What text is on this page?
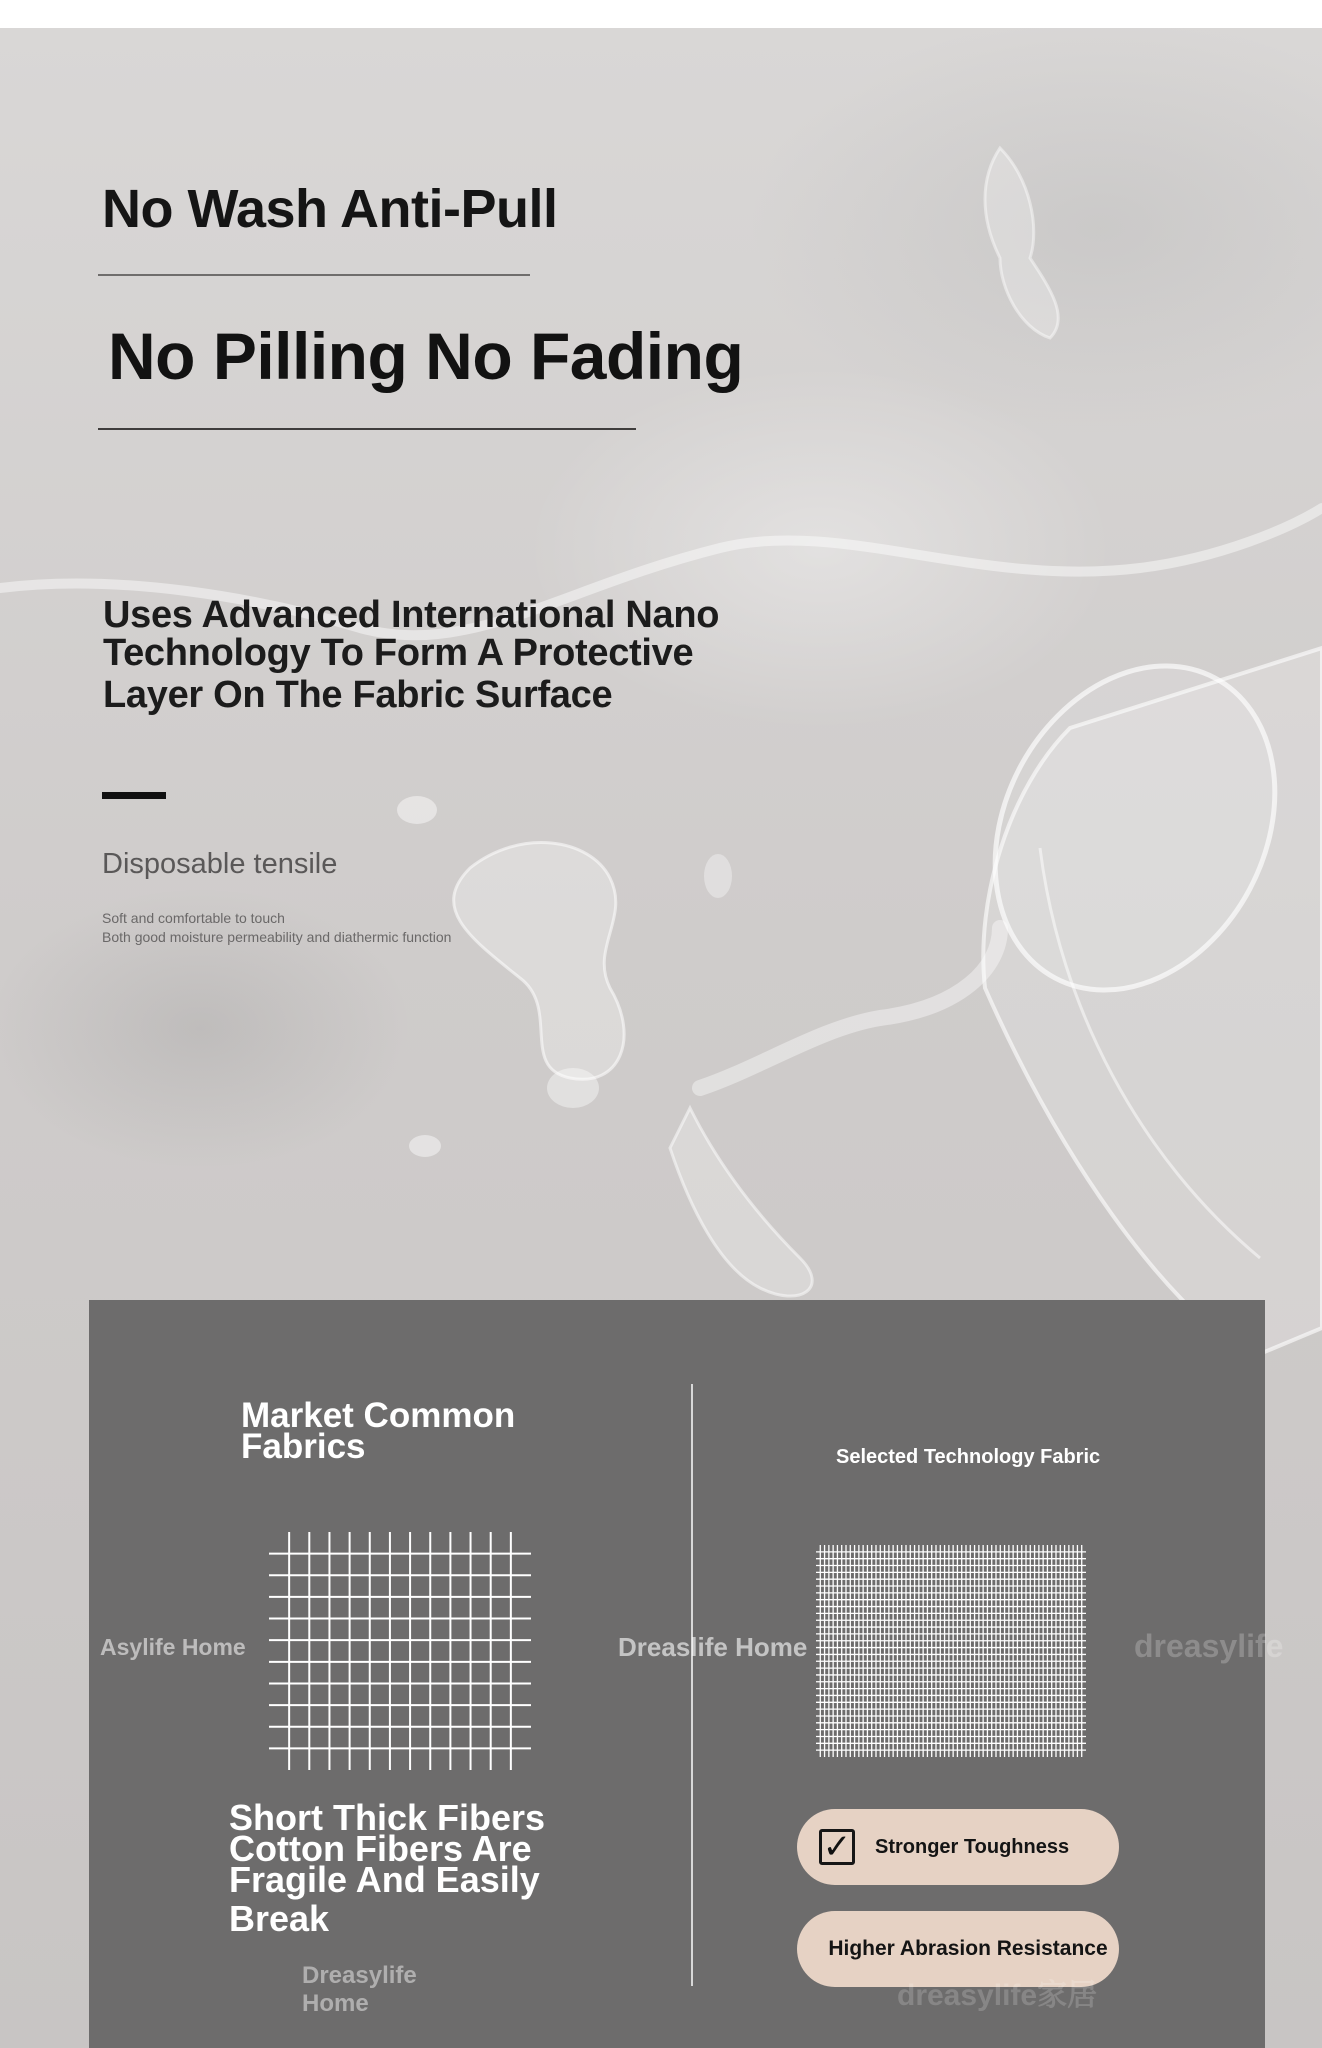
No Wash Anti-Pull
No Pilling No Fading
Uses Advanced International Nano
Technology To Form A Protective
Layer On The Fabric Surface
Disposable tensile
Soft and comfortable to touch
Both good moisture permeability and diathermic function
Market Common
Fabrics	Selected Technology Fabric
Asylife Home	Dreaslife Home	dreasylife
Short Thick Fibers
Cotton Fibers Are
Fragile And Easily
Break
Dreasylife
Home
✓ Stronger Toughness
Higher Abrasion Resistance
dreasylife家居
